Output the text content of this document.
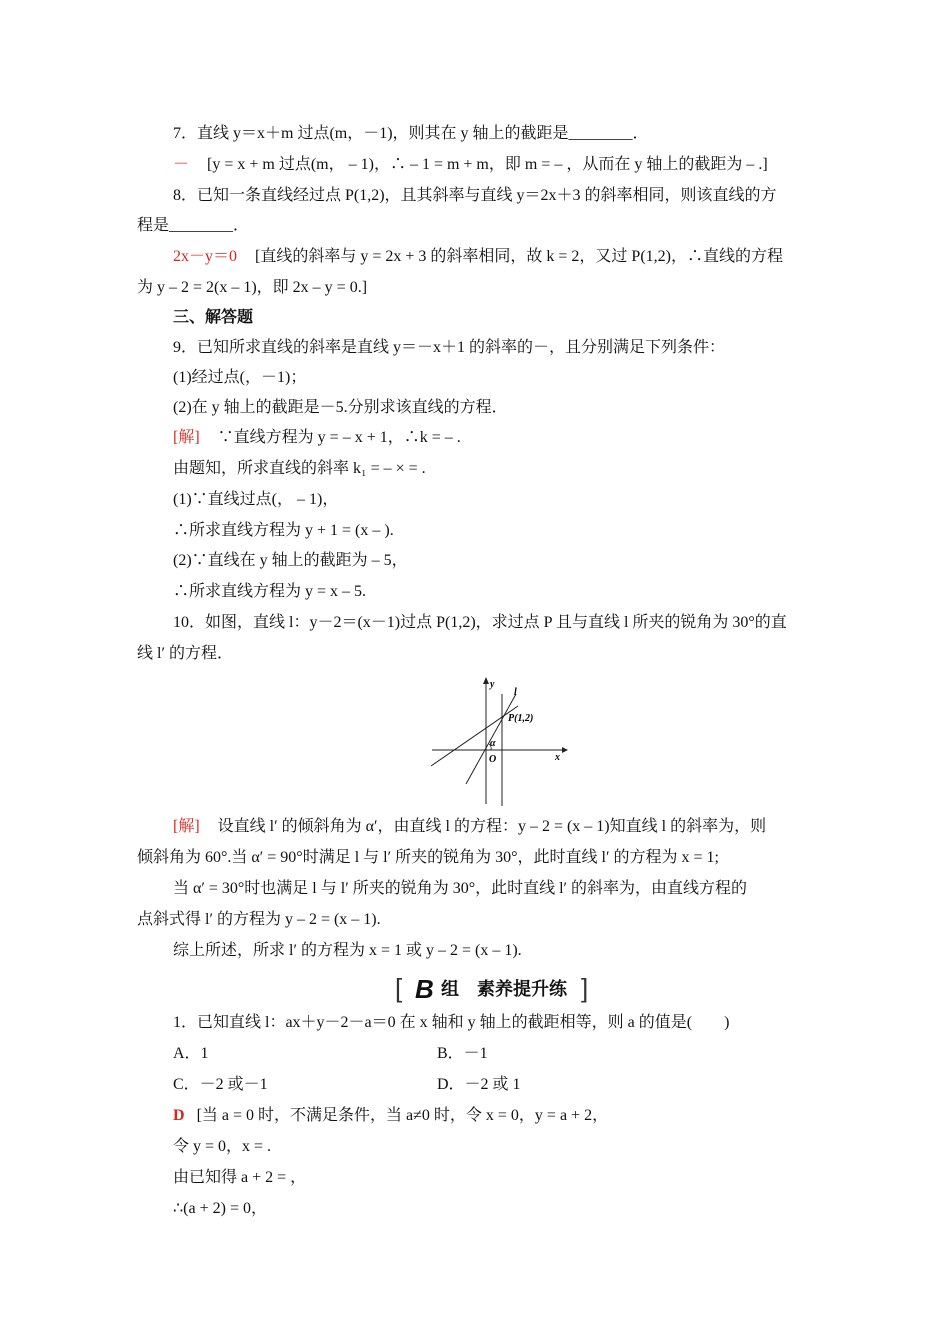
7．直线 y＝x＋m 过点(m，－1)，则其在 y 轴上的截距是________．
－ [y = x + m 过点(m， – 1)，∴ – 1 = m + m，即 m = – ，从而在 y 轴上的截距为 – .]
8．已知一条直线经过点 P(1,2)，且其斜率与直线 y＝2x＋3 的斜率相同，则该直线的方
程是________．
2x－y＝0 [直线的斜率与 y = 2x + 3 的斜率相同，故 k = 2，又过 P(1,2)，∴直线的方程
为 y – 2 = 2(x – 1)，即 2x – y = 0.]
三、解答题
9．已知所求直线的斜率是直线 y＝－x＋1 的斜率的－，且分别满足下列条件：
(1)经过点(，－1)；
(2)在 y 轴上的截距是－5.分别求该直线的方程．
[解] ∵直线方程为 y = – x + 1，∴k = – .
由题知，所求直线的斜率 k₁ = – × = .
(1)∵直线过点(， – 1)，
∴所求直线方程为 y + 1 = (x – ).
(2)∵直线在 y 轴上的截距为 – 5，
∴所求直线方程为 y = x – 5.
10．如图，直线 l：y－2＝(x－1)过点 P(1,2)，求过点 P 且与直线 l 所夹的锐角为 30°的直
线 l′ 的方程．
y
l
P(1,2)
α
O	x
[解] 设直线 l′ 的倾斜角为 α′，由直线 l 的方程：y – 2 = (x – 1)知直线 l 的斜率为，则
倾斜角为 60°.当 α′ = 90°时满足 l 与 l′ 所夹的锐角为 30°，此时直线 l′ 的方程为 x = 1;
当 α′ = 30°时也满足 l 与 l′ 所夹的锐角为 30°，此时直线 l′ 的斜率为，由直线方程的
点斜式得 l′ 的方程为 y – 2 = (x – 1).
综上所述，所求 l′ 的方程为 x = 1 或 y – 2 = (x – 1).
[ B 组　素养提升练 ]
1．已知直线 l：ax＋y－2－a＝0 在 x 轴和 y 轴上的截距相等，则 a 的值是(　　)
A．1	B．－1
C．－2 或－1	D．－2 或 1
D [当 a = 0 时，不满足条件，当 a≠0 时，令 x = 0，y = a + 2，
令 y = 0，x = .
由已知得 a + 2 = ，
∴(a + 2) = 0，
